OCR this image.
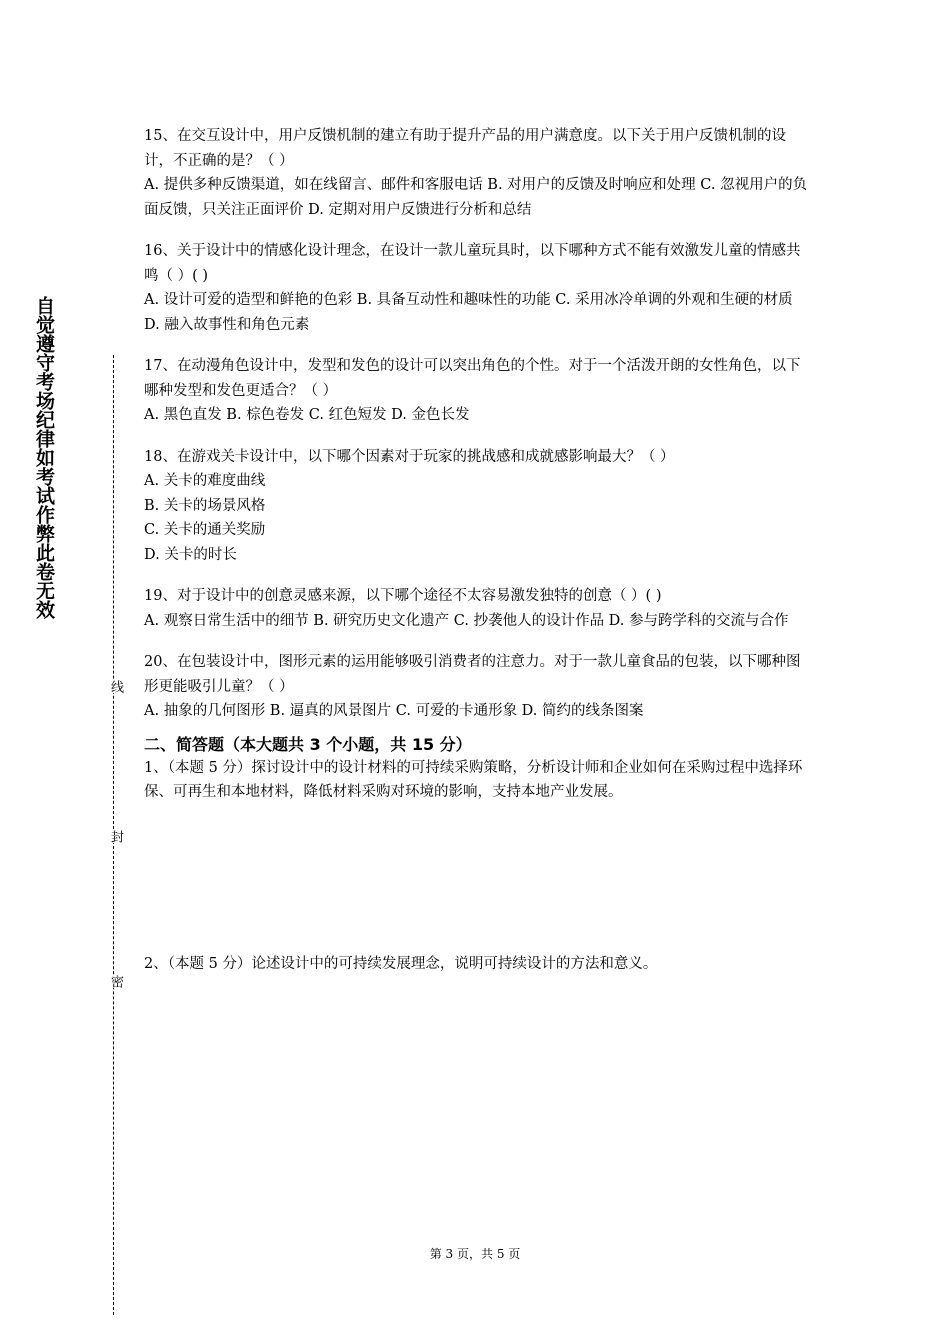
自觉遵守考场纪律如考试作弊此卷无效
线
封
密

15、在交互设计中，用户反馈机制的建立有助于提升产品的用户满意度。以下关于用户反馈机制的设计，不正确的是？（ ）

A. 提供多种反馈渠道，如在线留言、邮件和客服电话 B. 对用户的反馈及时响应和处理 C. 忽视用户的负面反馈，只关注正面评价 D. 定期对用户反馈进行分析和总结

16、关于设计中的情感化设计理念，在设计一款儿童玩具时，以下哪种方式不能有效激发儿童的情感共鸣（ ）( )

A. 设计可爱的造型和鲜艳的色彩 B. 具备互动性和趣味性的功能 C. 采用冰冷单调的外观和生硬的材质 D. 融入故事性和角色元素

17、在动漫角色设计中，发型和发色的设计可以突出角色的个性。对于一个活泼开朗的女性角色，以下哪种发型和发色更适合？（ ）

A. 黑色直发 B. 棕色卷发 C. 红色短发 D. 金色长发

18、在游戏关卡设计中，以下哪个因素对于玩家的挑战感和成就感影响最大？（ ）

A. 关卡的难度曲线

B. 关卡的场景风格

C. 关卡的通关奖励

D. 关卡的时长

19、对于设计中的创意灵感来源，以下哪个途径不太容易激发独特的创意（ ）( )

A. 观察日常生活中的细节 B. 研究历史文化遗产 C. 抄袭他人的设计作品 D. 参与跨学科的交流与合作

20、在包装设计中，图形元素的运用能够吸引消费者的注意力。对于一款儿童食品的包装，以下哪种图形更能吸引儿童？（ ）

A. 抽象的几何图形 B. 逼真的风景图片 C. 可爱的卡通形象 D. 简约的线条图案

二、简答题（本大题共 3 个小题，共 15 分）

1、（本题 5 分）探讨设计中的设计材料的可持续采购策略，分析设计师和企业如何在采购过程中选择环保、可再生和本地材料，降低材料采购对环境的影响，支持本地产业发展。

2、（本题 5 分）论述设计中的可持续发展理念，说明可持续设计的方法和意义。

第 3 页，共 5 页
